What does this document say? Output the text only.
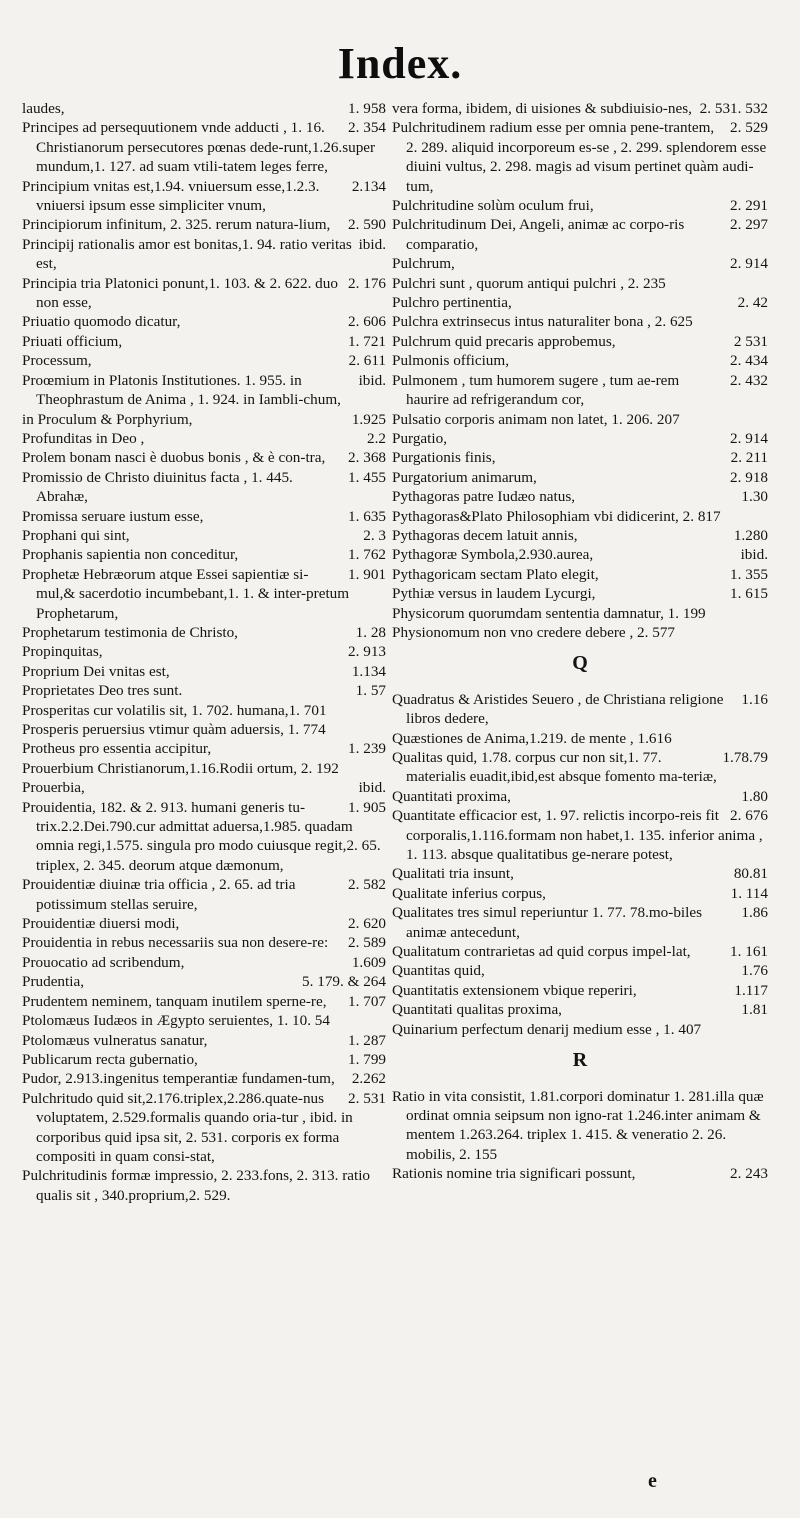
Index.
1. 958
laudes,
2. 354
Principes ad persequutionem vnde adducti , 1. 16. Christianorum persecutores pœnas dede-runt,1.26.super mundum,1. 127. ad suam vtili-tatem leges ferre,
2.134
Principium vnitas est,1.94. vniuersum esse,1.2.3. vniuersi ipsum esse simpliciter vnum,
2. 590
Principiorum infinitum, 2. 325. rerum natura-lium,
ibid.
Principij rationalis amor est bonitas,1. 94. ratio veritas est,
2. 176
Principia tria Platonici ponunt,1. 103. & 2. 622. duo non esse,
2. 606
Priuatio quomodo dicatur,
1. 721
Priuati officium,
2. 611
Processum,
ibid.
Proœmium in Platonis Institutiones. 1. 955. in Theophrastum de Anima , 1. 924. in Iambli-chum,
1.925
in Proculum & Porphyrium,
2.2
Profunditas in Deo ,
2. 368
Prolem bonam nasci è duobus bonis , & è con-tra,
1. 455
Promissio de Christo diuinitus facta , 1. 445. Abrahæ,
1. 635
Promissa seruare iustum esse,
2. 3
Prophani qui sint,
1. 762
Prophanis sapientia non conceditur,
1. 901
Prophetæ Hebræorum atque Essei sapientiæ si-mul,& sacerdotio incumbebant,1. 1. & inter-pretum Prophetarum,
1. 28
Prophetarum testimonia de Christo,
2. 913
Propinquitas,
1.134
Proprium Dei vnitas est,
1. 57
Proprietates Deo tres sunt.
Prosperitas cur volatilis sit, 1. 702. humana,1. 701
Prosperis peruersius vtimur quàm aduersis, 1. 774
1. 239
Protheus pro essentia accipitur,
Prouerbium Christianorum,1.16.Rodii ortum, 2. 192
ibid.
Prouerbia,
1. 905
Prouidentia, 182. & 2. 913. humani generis tu-trix.2.2.Dei.790.cur admittat aduersa,1.985. quadam omnia regi,1.575. singula pro modo cuiusque regit,2. 65. triplex, 2. 345. deorum atque dæmonum,
2. 582
Prouidentiæ diuinæ tria officia , 2. 65. ad tria potissimum stellas seruire,
2. 620
Prouidentiæ diuersi modi,
2. 589
Prouidentia in rebus necessariis sua non desere-re:
1.609
Prouocatio ad scribendum,
5. 179. & 264
Prudentia,
1. 707
Prudentem neminem, tanquam inutilem sperne-re,
Ptolomæus Iudæos in Ægypto seruientes, 1. 10. 54
1. 287
Ptolomæus vulneratus sanatur,
1. 799
Publicarum recta gubernatio,
2.262
Pudor, 2.913.ingenitus temperantiæ fundamen-tum,
2. 531
Pulchritudo quid sit,2.176.triplex,2.286.quate-nus voluptatem, 2.529.formalis quando oria-tur , ibid. in corporibus quid ipsa sit, 2. 531. corporis ex forma compositi in quam consi-stat,
Pulchritudinis formæ impressio, 2. 233.fons, 2. 313. ratio qualis sit , 340.proprium,2. 529.
2. 531. 532
vera forma, ibidem, di uisiones & subdiuisio-nes,
2. 529
Pulchritudinem radium esse per omnia pene-trantem, 2. 289. aliquid incorporeum es-se , 2. 299. splendorem esse diuini vultus, 2. 298. magis ad visum pertinet quàm audi-tum,
2. 291
Pulchritudine solùm oculum frui,
2. 297
Pulchritudinum Dei, Angeli, animæ ac corpo-ris comparatio,
2. 914
Pulchrum,
Pulchri sunt , quorum antiqui pulchri , 2. 235
2. 42
Pulchro pertinentia,
Pulchra extrinsecus intus naturaliter bona , 2. 625
2 531
Pulchrum quid precaris approbemus,
2. 434
Pulmonis officium,
2. 432
Pulmonem , tum humorem sugere , tum ae-rem haurire ad refrigerandum cor,
Pulsatio corporis animam non latet, 1. 206. 207
2. 914
Purgatio,
2. 211
Purgationis finis,
2. 918
Purgatorium animarum,
1.30
Pythagoras patre Iudæo natus,
Pythagoras&Plato Philosophiam vbi didicerint, 2. 817
1.280
Pythagoras decem latuit annis,
ibid.
Pythagoræ Symbola,2.930.aurea,
1. 355
Pythagoricam sectam Plato elegit,
1. 615
Pythiæ versus in laudem Lycurgi,
Physicorum quorumdam sententia damnatur, 1. 199
Physionomum non vno credere debere , 2. 577
Q
1.16
Quadratus & Aristides Seuero , de Christiana religione libros dedere,
Quæstiones de Anima,1.219. de mente , 1.616
1.78.79
Qualitas quid, 1.78. corpus cur non sit,1. 77. materialis euadit,ibid,est absque fomento ma-teriæ,
1.80
Quantitati proxima,
2. 676
Quantitate efficacior est, 1. 97. relictis incorpo-reis fit corporalis,1.116.formam non habet,1. 135. inferior anima , 1. 113. absque qualitatibus ge-nerare potest,
80.81
Qualitati tria insunt,
1. 114
Qualitate inferius corpus,
1.86
Qualitates tres simul reperiuntur 1. 77. 78.mo-biles animæ antecedunt,
1. 161
Qualitatum contrarietas ad quid corpus impel-lat,
1.76
Quantitas quid,
1.117
Quantitatis extensionem vbique reperiri,
1.81
Quantitati qualitas proxima,
Quinarium perfectum denarij medium esse , 1. 407
R
Ratio in vita consistit, 1.81.corpori dominatur 1. 281.illa quæ ordinat omnia seipsum non igno-rat 1.246.inter animam & mentem 1.263.264. triplex 1. 415. & veneratio 2. 26. mobilis, 2. 155
2. 243
Rationis nomine tria significari possunt,
e
